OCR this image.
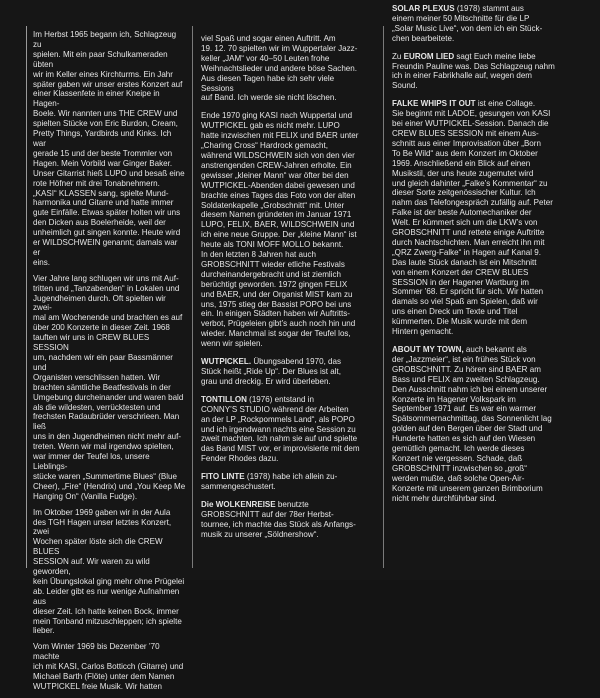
Im Herbst 1965 begann ich, Schlagzeug zu
spielen. Mit ein paar Schulkameraden übten
wir im Keller eines Kirchturms. Ein Jahr
später gaben wir unser erstes Konzert auf
einer Klassenfete in einer Kneipe in Hagen-
Boele. Wir nannten uns THE CREW und
spielten Stücke von Eric Burdon, Cream,
Pretty Things, Yardbirds und Kinks. Ich war
gerade 15 und der beste Trommler von
Hagen. Mein Vorbild war Ginger Baker.
Unser Gitarrist hieß LUPO und besaß eine
rote Höfner mit drei Tonabnehmern.
„KASI“ KLASSEN sang, spielte Mund-
harmonika und Gitarre und hatte immer
gute Einfälle. Etwas später holten wir uns
den Dicken aus Boelerheide, weil der
unheimlich gut singen konnte. Heute wird
er WILDSCHWEIN genannt; damals war er
eins.

Vier Jahre lang schlugen wir uns mit Auf-
tritten und „Tanzabenden“ in Lokalen und
Jugendheimen durch. Oft spielten wir zwei-
mal am Wochenende und brachten es auf
über 200 Konzerte in dieser Zeit. 1968
tauften wir uns in CREW BLUES SESSION
um, nachdem wir ein paar Bassmänner und
Organisten verschlissen hatten. Wir
brachten sämtliche Beatfestivals in der
Umgebung durcheinander und waren bald
als die wildesten, verrücktesten und
frechsten Radaubrüder verschrieen. Man ließ
uns in den Jugendheimen nicht mehr auf-
treten. Wenn wir mal irgendwo spielten,
war immer der Teufel los, unsere Lieblings-
stücke waren „Summertime Blues“ (Blue
Cheer), „Fire“ (Hendrix) und „You Keep Me
Hanging On“ (Vanilla Fudge).

Im Oktober 1969 gaben wir in der Aula
des TGH Hagen unser letztes Konzert, zwei
Wochen später löste sich die CREW BLUES
SESSION auf. Wir waren zu wild geworden,
kein Übungslokal ging mehr ohne Prügelei
ab. Leider gibt es nur wenige Aufnahmen aus
dieser Zeit. Ich hatte keinen Bock, immer
mein Tonband mitzuschleppen; ich spielte
lieber.

Vom Winter 1969 bis Dezember ’70 machte
ich mit KASI, Carlos Botticch (Gitarre) und
Michael Barth (Flöte) unter dem Namen
WUTPICKEL freie Musik. Wir hatten

viel Spaß und sogar einen Auftritt. Am
19. 12. 70 spielten wir im Wuppertaler Jazz-
keller „JAM“ vor 40–50 Leuten frohe
Weihnachtslieder und andere böse Sachen.
Aus diesen Tagen habe ich sehr viele Sessions
auf Band. Ich werde sie nicht löschen.

Ende 1970 ging KASI nach Wuppertal und
WUTPICKEL gab es nicht mehr. LUPO
hatte inzwischen mit FELIX und BAER unter
„Charing Cross“ Hardrock gemacht,
während WILDSCHWEIN sich von den vier
anstrengenden CREW-Jahren erholte. Ein
gewisser „kleiner Mann“ war öfter bei den
WUTPICKEL-Abenden dabei gewesen und
brachte eines Tages das Foto von der alten
Soldatenkapelle „Grobschnitt“ mit. Unter
diesem Namen gründeten im Januar 1971
LUPO, FELIX, BAER, WILDSCHWEIN und
ich eine neue Gruppe. Der „kleine Mann“ ist
heute als TONI MOFF MOLLO bekannt.
In den letzten 8 Jahren hat auch
GROBSCHNITT wieder etliche Festivals
durcheinandergebracht und ist ziemlich
berüchtigt geworden. 1972 gingen FELIX
und BAER, und der Organist MIST kam zu
uns, 1975 stieg der Bassist POPO bei uns
ein. In einigen Städten haben wir Auftritts-
verbot, Prügeleien gibt’s auch noch hin und
wieder. Manchmal ist sogar der Teufel los,
wenn wir spielen.

WUTPICKEL. Übungsabend 1970, das
Stück heißt „Ride Up“. Der Blues ist alt,
grau und dreckig. Er wird überleben.

TONTILLON (1976) entstand in
CONNY’S STUDIO während der Arbeiten
an der LP „Rockpommels Land“, als POPO
und ich irgendwann nachts eine Session zu
zweit machten. Ich nahm sie auf und spielte
das Band MIST vor, er improvisierte mit dem
Fender Rhodes dazu.

FITO LINTE (1978) habe ich allein zu-
sammengeschustert.

Die WOLKENREISE benutzte
GROBSCHNITT auf der 78er Herbst-
tournee, ich machte das Stück als Anfangs-
musik zu unserer „Söldnershow“.

SOLAR PLEXUS (1978) stammt aus
einem meiner 50 Mitschnitte für die LP
„Solar Music Live“, von dem ich ein Stück-
chen bearbeitete.

Zu EUROM LIED sagt Euch meine liebe
Freundin Pauline was. Das Schlagzeug nahm
ich in einer Fabrikhalle auf, wegen dem
Sound.

FALKE WHIPS IT OUT ist eine Collage.
Sie beginnt mit LADOE, gesungen von KASI
bei einer WUTPICKEL-Session. Danach die
CREW BLUES SESSION mit einem Aus-
schnitt aus einer Improvisation über „Born
To Be Wild“ aus dem Konzert im Oktober
1969. Anschließend ein Blick auf einen
Musikstil, der uns heute zugemutet wird
und gleich dahinter „Falke’s Kommentar“ zu
dieser Sorte zeitgenössischer Kultur. Ich
nahm das Telefongespräch zufällig auf. Peter
Falke ist der beste Automechaniker der
Welt. Er kümmert sich um die LKW’s von
GROBSCHNITT und rettete einige Auftritte
durch Nachtschichten. Man erreicht ihn mit
„QRZ Zwerg-Falke“ in Hagen auf Kanal 9.
Das laute Stück danach ist ein Mitschnitt
von einem Konzert der CREW BLUES
SESSION in der Hagener Wartburg im
Sommer ’68. Er spricht für sich. Wir hatten
damals so viel Spaß am Spielen, daß wir
uns einen Dreck um Texte und Titel
kümmerten. Die Musik wurde mit dem
Hintern gemacht.

ABOUT MY TOWN, auch bekannt als
der „Jazzmeier“, ist ein frühes Stück von
GROBSCHNITT. Zu hören sind BAER am
Bass und FELIX am zweiten Schlagzeug.
Den Ausschnitt nahm ich bei einem unserer
Konzerte im Hagener Volkspark im
September 1971 auf. Es war ein warmer
Spätsommernachmittag, das Sonnenlicht lag
golden auf den Bergen über der Stadt und
Hunderte hatten es sich auf den Wiesen
gemütlich gemacht. Ich werde dieses
Konzert nie vergessen. Schade, daß
GROBSCHNITT inzwischen so „groß“
werden mußte, daß solche Open-Air-
Konzerte mit unserem ganzen Brimborium
nicht mehr durchführbar sind.
